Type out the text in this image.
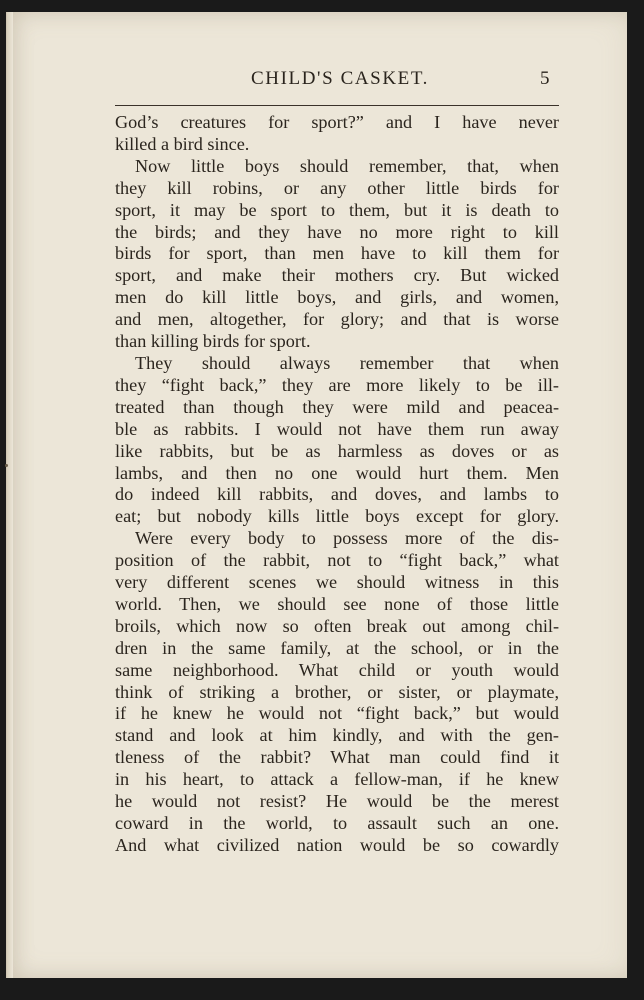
CHILD'S CASKET.	5
God’s creatures for sport?” and I have never
killed a bird since.
Now little boys should remember, that, when
they kill robins, or any other little birds for
sport, it may be sport to them, but it is death to
the birds; and they have no more right to kill
birds for sport, than men have to kill them for
sport, and make their mothers cry. But wicked
men do kill little boys, and girls, and women,
and men, altogether, for glory; and that is worse
than killing birds for sport.
They should always remember that when
they “fight back,” they are more likely to be ill-
treated than though they were mild and peacea-
ble as rabbits. I would not have them run away
like rabbits, but be as harmless as doves or as
lambs, and then no one would hurt them. Men
do indeed kill rabbits, and doves, and lambs to
eat; but nobody kills little boys except for glory.
Were every body to possess more of the dis-
position of the rabbit, not to “fight back,” what
very different scenes we should witness in this
world. Then, we should see none of those little
broils, which now so often break out among chil-
dren in the same family, at the school, or in the
same neighborhood. What child or youth would
think of striking a brother, or sister, or playmate,
if he knew he would not “fight back,” but would
stand and look at him kindly, and with the gen-
tleness of the rabbit? What man could find it
in his heart, to attack a fellow-man, if he knew
he would not resist? He would be the merest
coward in the world, to assault such an one.
And what civilized nation would be so cowardly
